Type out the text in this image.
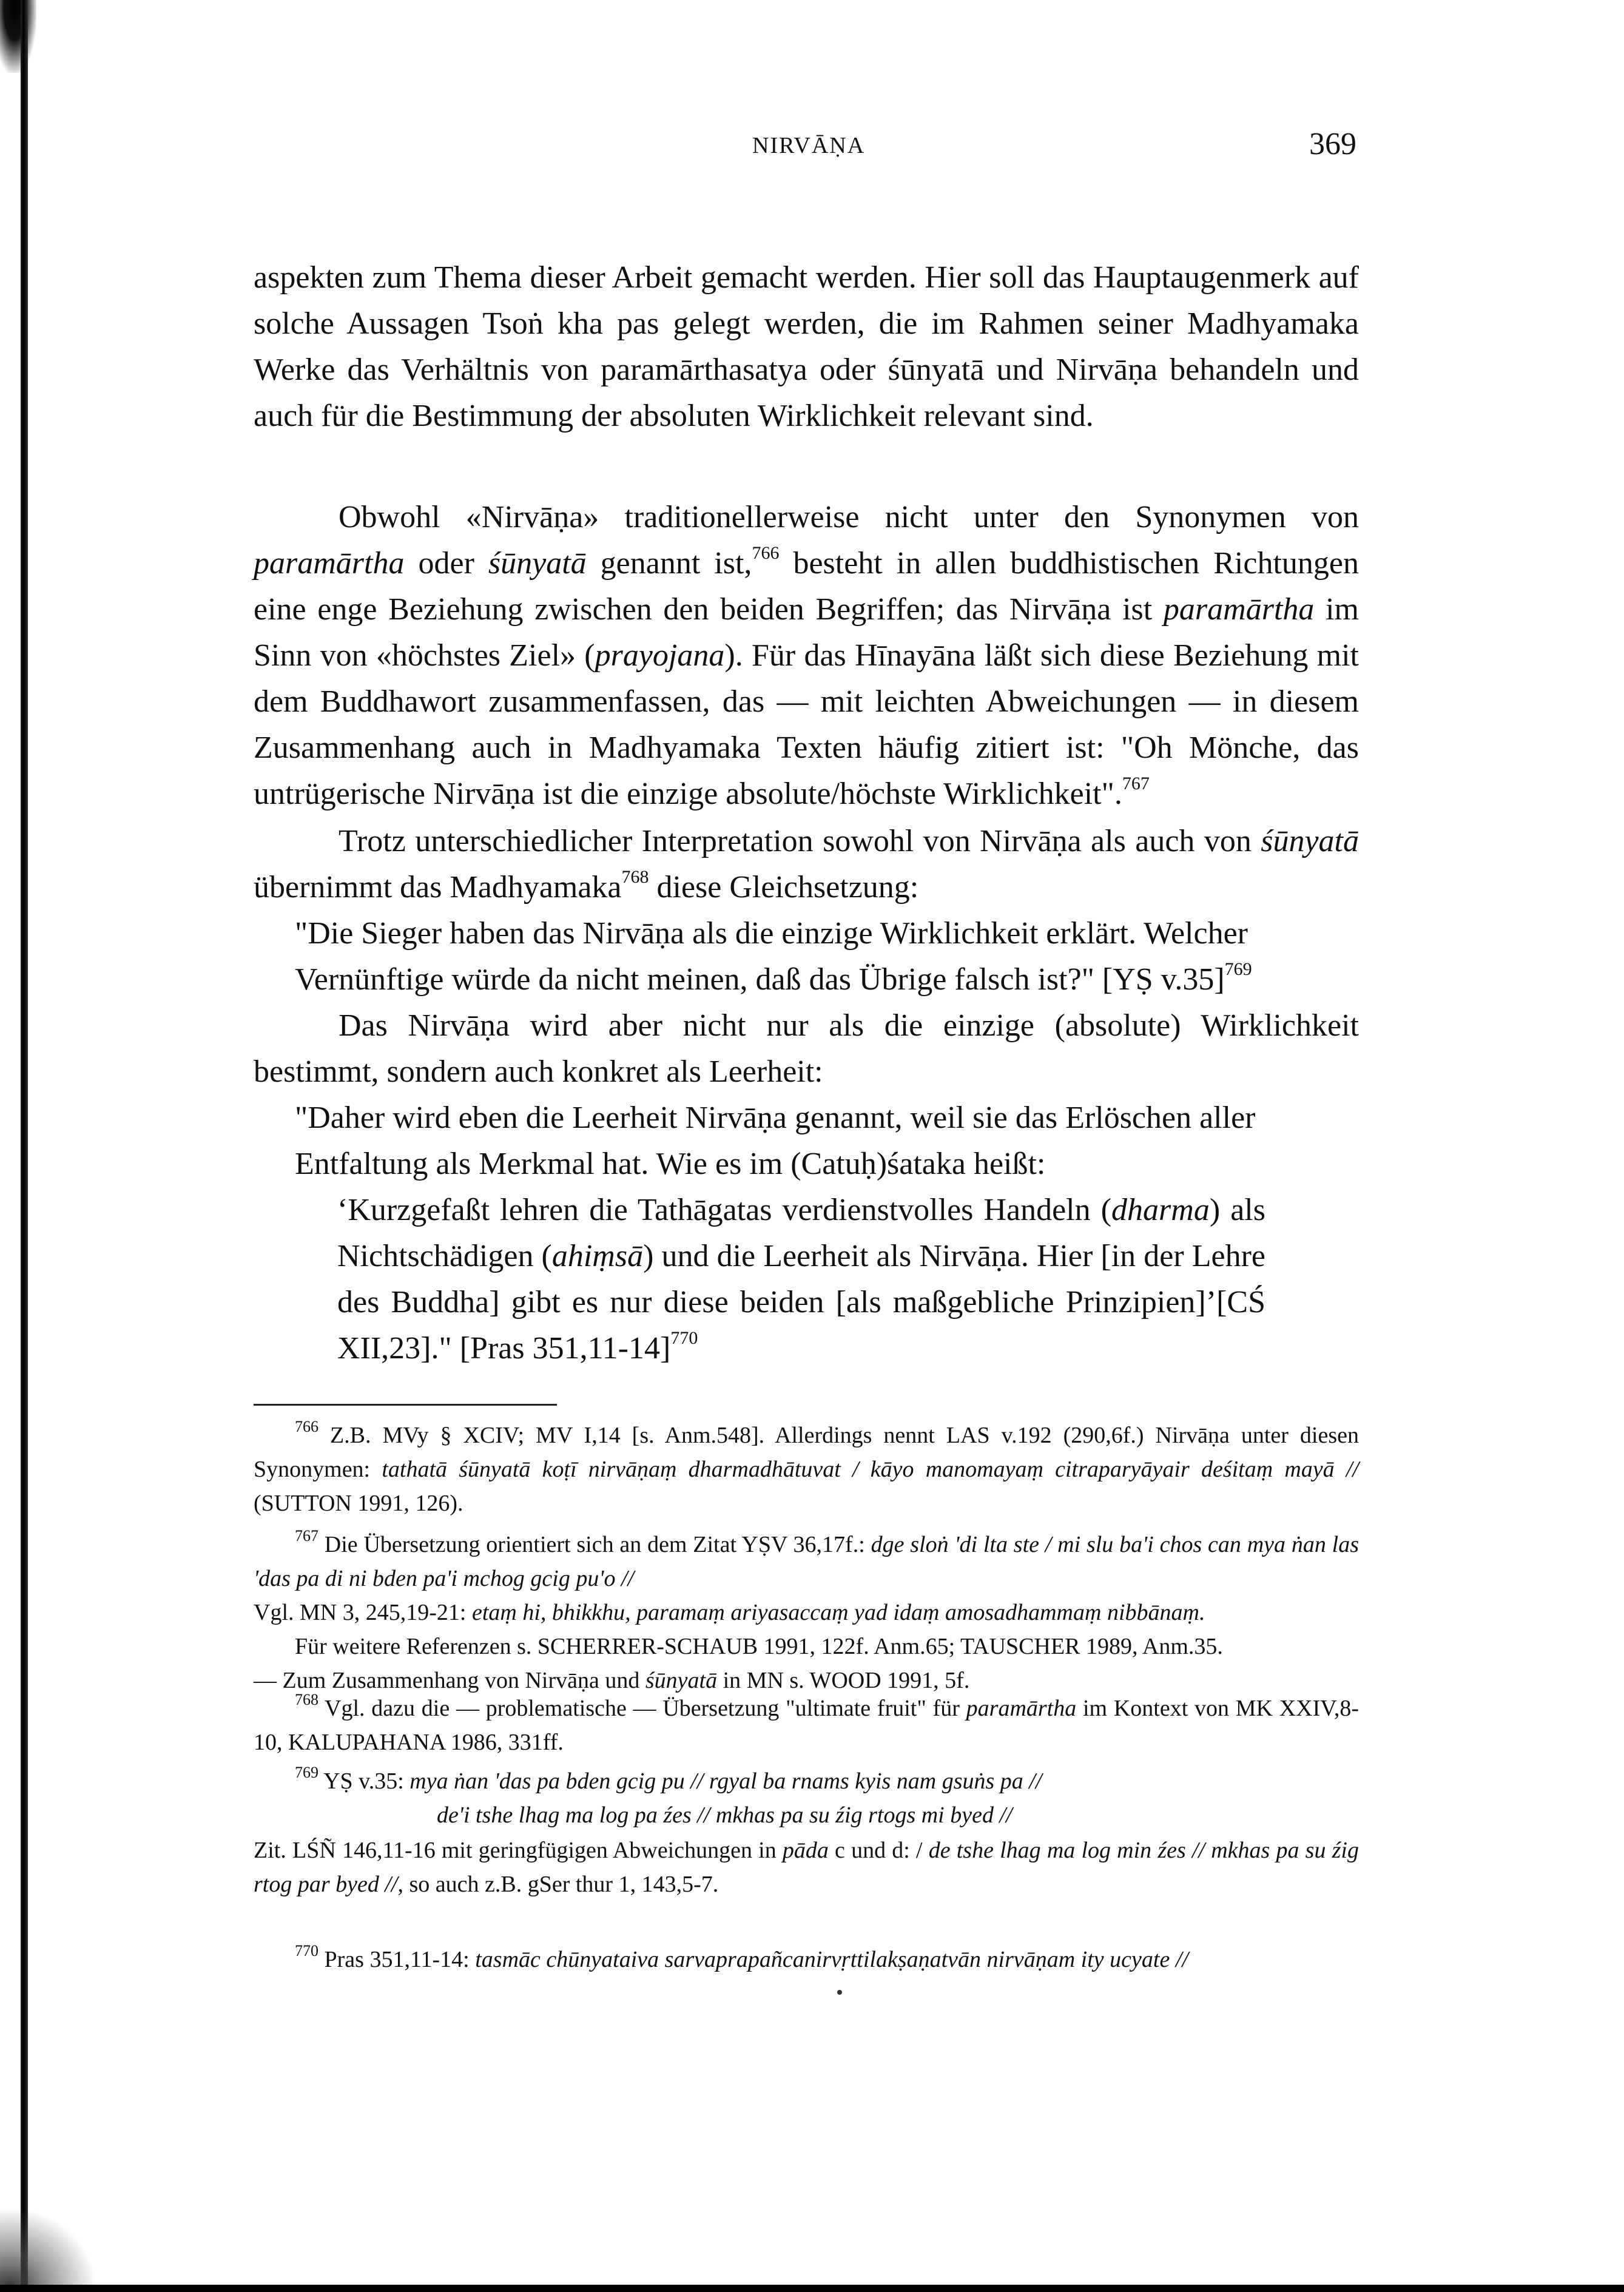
NIRVĀṆA	369

aspekten zum Thema dieser Arbeit gemacht werden. Hier soll das Hauptaugenmerk auf solche Aussagen Tsoṅ kha pas gelegt werden, die im Rahmen seiner Madhyamaka Werke das Verhältnis von paramārthasatya oder śūnyatā und Nirvāṇa behandeln und auch für die Bestimmung der absoluten Wirklichkeit relevant sind.

Obwohl «Nirvāṇa» traditionellerweise nicht unter den Synonymen von paramārtha oder śūnyatā genannt ist,$^{766}$ besteht in allen buddhistischen Richtungen eine enge Beziehung zwischen den beiden Begriffen; das Nirvāṇa ist paramārtha im Sinn von «höchstes Ziel» (prayojana). Für das Hīnayāna läßt sich diese Beziehung mit dem Buddhawort zusammenfassen, das — mit leichten Abweichungen — in diesem Zusammenhang auch in Madhyamaka Texten häufig zitiert ist: "Oh Mönche, das untrügerische Nirvāṇa ist die einzige absolute/höchste Wirklichkeit".$^{767}$

Trotz unterschiedlicher Interpretation sowohl von Nirvāṇa als auch von śūnyatā übernimmt das Madhyamaka$^{768}$ diese Gleichsetzung:

"Die Sieger haben das Nirvāṇa als die einzige Wirklichkeit erklärt. Welcher
Vernünftige würde da nicht meinen, daß das Übrige falsch ist?" [YṢ v.35]$^{769}$

Das Nirvāṇa wird aber nicht nur als die einzige (absolute) Wirklichkeit bestimmt, sondern auch konkret als Leerheit:

"Daher wird eben die Leerheit Nirvāṇa genannt, weil sie das Erlöschen aller
Entfaltung als Merkmal hat. Wie es im (Catuḥ)śataka heißt:
‘Kurzgefaßt lehren die Tathāgatas verdienstvolles Handeln (dharma) als Nichtschädigen (ahiṃsā) und die Leerheit als Nirvāṇa. Hier [in der Lehre des Buddha] gibt es nur diese beiden [als maßgebliche Prinzipien]’[CŚ XII,23]." [Pras 351,11-14]$^{770}$

$^{766}$ Z.B. MVy § XCIV; MV I,14 [s. Anm.548]. Allerdings nennt LAS v.192 (290,6f.) Nirvāṇa unter diesen Synonymen: tathatā śūnyatā koṭī nirvāṇaṃ dharmadhātuvat / kāyo manomayaṃ citraparyāyair deśitaṃ mayā // (SUTTON 1991, 126).

$^{767}$ Die Übersetzung orientiert sich an dem Zitat YṢV 36,17f.: dge sloṅ 'di lta ste / mi slu ba'i chos can mya ṅan las 'das pa di ni bden pa'i mchog gcig pu'o //

Vgl. MN 3, 245,19-21: etaṃ hi, bhikkhu, paramaṃ ariyasaccaṃ yad idaṃ amosadhammaṃ nibbānaṃ.

Für weitere Referenzen s. SCHERRER-SCHAUB 1991, 122f. Anm.65; TAUSCHER 1989, Anm.35.

— Zum Zusammenhang von Nirvāṇa und śūnyatā in MN s. WOOD 1991, 5f.

$^{768}$ Vgl. dazu die — problematische — Übersetzung "ultimate fruit" für paramārtha im Kontext von MK XXIV,8-10, KALUPAHANA 1986, 331ff.

$^{769}$ YṢ v.35: mya ṅan 'das pa bden gcig pu // rgyal ba rnams kyis nam gsuṅs pa //

de'i tshe lhag ma log pa źes // mkhas pa su źig rtogs mi byed //

Zit. LŚÑ 146,11-16 mit geringfügigen Abweichungen in pāda c und d: / de tshe lhag ma log min źes // mkhas pa su źig rtog par byed //, so auch z.B. gSer thur 1, 143,5-7.

$^{770}$ Pras 351,11-14: tasmāc chūnyataiva sarvaprapañcanirvṛttilakṣaṇatvān nirvāṇam ity ucyate //
